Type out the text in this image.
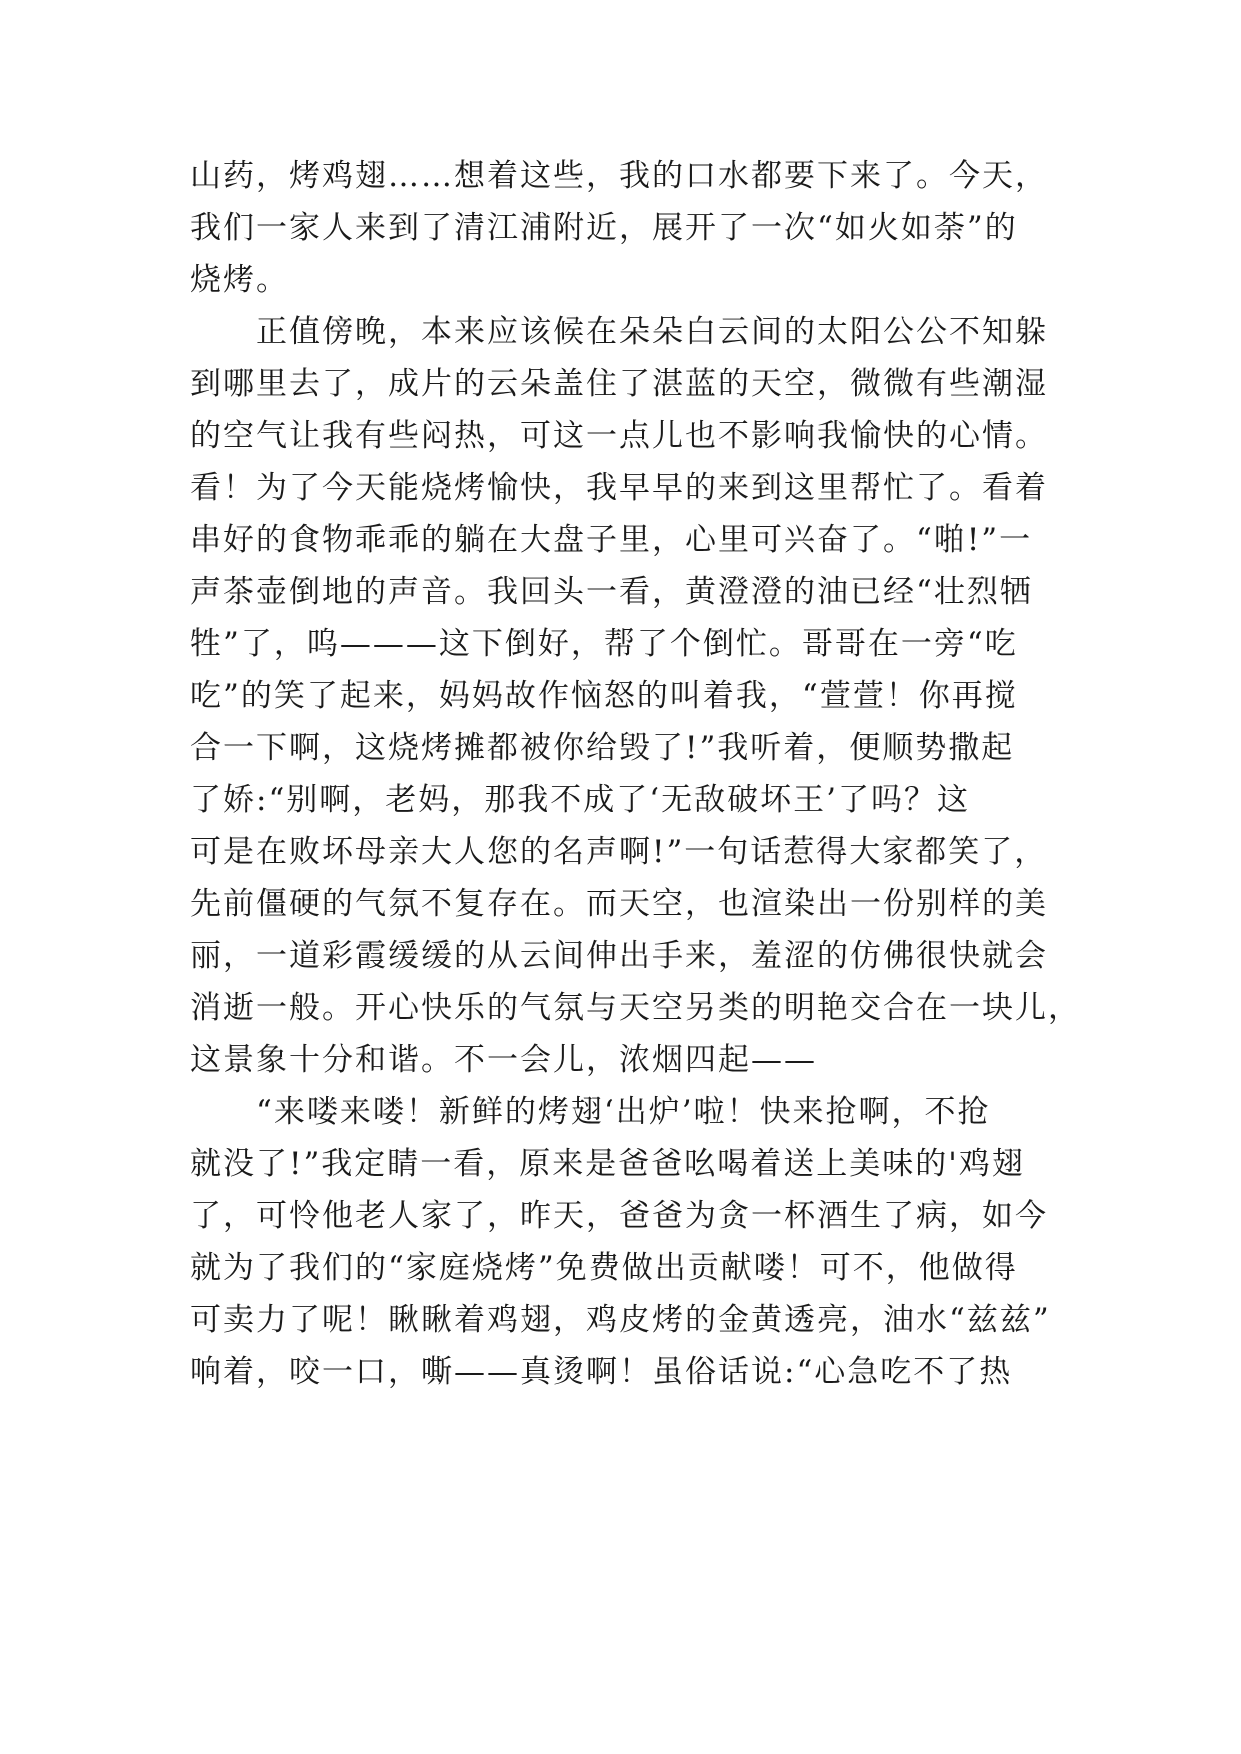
山药，烤鸡翅……想着这些，我的口水都要下来了。今天，
我们一家人来到了清江浦附近，展开了一次“如火如荼”的
烧烤。
正值傍晚，本来应该候在朵朵白云间的太阳公公不知躲
到哪里去了，成片的云朵盖住了湛蓝的天空，微微有些潮湿
的空气让我有些闷热，可这一点儿也不影响我愉快的心情。
看！为了今天能烧烤愉快，我早早的来到这里帮忙了。看着
串好的食物乖乖的躺在大盘子里，心里可兴奋了。“啪!”一
声茶壶倒地的声音。我回头一看，黄澄澄的油已经“壮烈牺
牲”了，呜———这下倒好，帮了个倒忙。哥哥在一旁“吃
吃”的笑了起来，妈妈故作恼怒的叫着我，“萱萱！你再搅
合一下啊，这烧烤摊都被你给毁了!”我听着，便顺势撒起
了娇:“别啊，老妈，那我不成了‘无敌破坏王’了吗？这
可是在败坏母亲大人您的名声啊!”一句话惹得大家都笑了，
先前僵硬的气氛不复存在。而天空，也渲染出一份别样的美
丽，一道彩霞缓缓的从云间伸出手来，羞涩的仿佛很快就会
消逝一般。开心快乐的气氛与天空另类的明艳交合在一块儿，
这景象十分和谐。不一会儿，浓烟四起——
“来喽来喽！新鲜的烤翅‘出炉’啦！快来抢啊，不抢
就没了!”我定睛一看，原来是爸爸吆喝着送上美味的'鸡翅
了，可怜他老人家了，昨天，爸爸为贪一杯酒生了病，如今
就为了我们的“家庭烧烤”免费做出贡献喽！可不，他做得
可卖力了呢！瞅瞅着鸡翅，鸡皮烤的金黄透亮，油水“兹兹”
响着，咬一口，嘶——真烫啊！虽俗话说:“心急吃不了热
